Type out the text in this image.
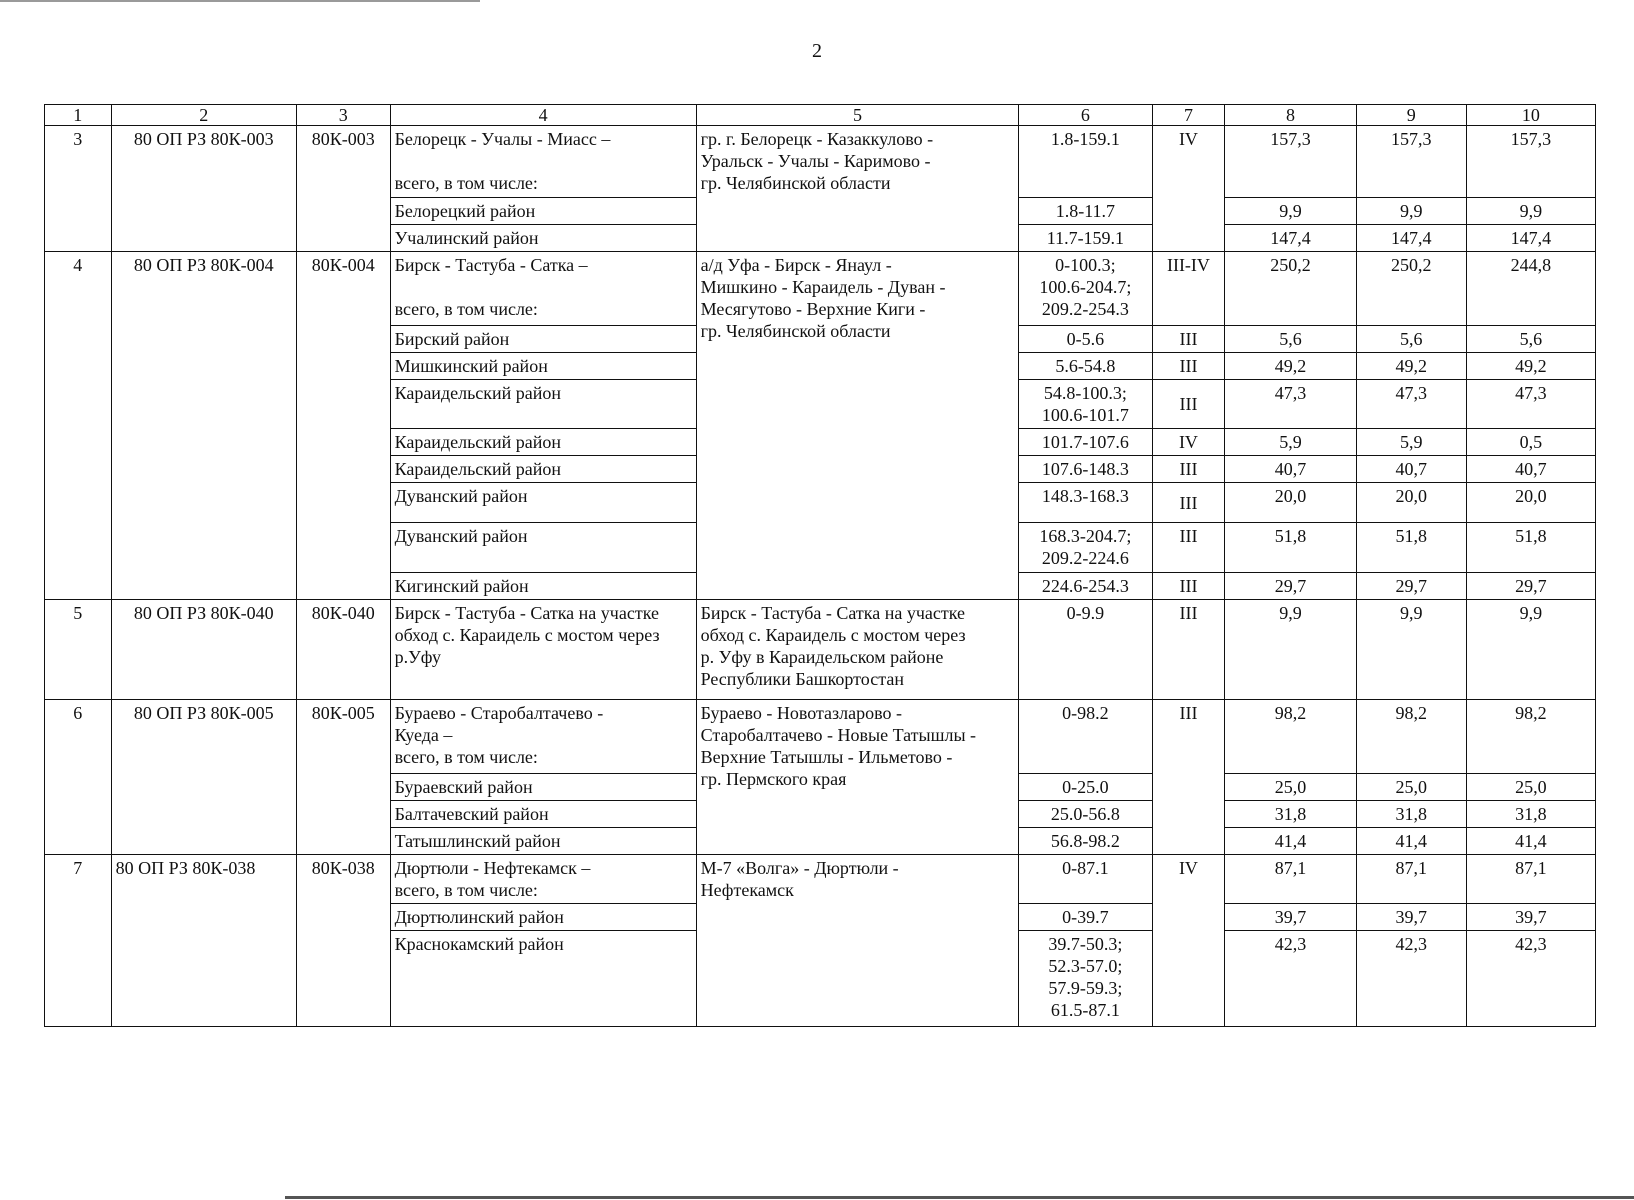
2
1	2	3	4	5	6	7	8	9	10
3	80 ОП РЗ 80К-003	80К-003	Белорецк - Учалы - Миасс –

всего, в том числе:	гр. г. Белорецк - Казаккулово -
Уральск - Учалы - Каримово -
гр. Челябинской области	1.8-159.1	IV	157,3	157,3	157,3
			Белорецкий район		1.8-11.7		9,9	9,9	9,9
			Учалинский район		11.7-159.1		147,4	147,4	147,4
4	80 ОП РЗ 80К-004	80К-004	Бирск - Тастуба - Сатка –

всего, в том числе:	а/д Уфа - Бирск - Янаул -
Мишкино - Караидель - Дуван -
Месягутово - Верхние Киги -
гр. Челябинской области	0-100.3;
100.6-204.7;
209.2-254.3	III-IV	250,2	250,2	244,8
			Бирский район		0-5.6	III	5,6	5,6	5,6
			Мишкинский район		5.6-54.8	III	49,2	49,2	49,2
			Караидельский район		54.8-100.3;
100.6-101.7	III	47,3	47,3	47,3
			Караидельский район		101.7-107.6	IV	5,9	5,9	0,5
			Караидельский район		107.6-148.3	III	40,7	40,7	40,7
			Дуванский район		148.3-168.3	III	20,0	20,0	20,0
			Дуванский район		168.3-204.7;
209.2-224.6	III	51,8	51,8	51,8
			Кигинский район		224.6-254.3	III	29,7	29,7	29,7
5	80 ОП РЗ 80К-040	80К-040	Бирск - Тастуба - Сатка на участке
обход с. Караидель с мостом через
р.Уфу	Бирск - Тастуба - Сатка на участке
обход с. Караидель с мостом через
р. Уфу в Караидельском районе
Республики Башкортостан	0-9.9	III	9,9	9,9	9,9
6	80 ОП РЗ 80К-005	80К-005	Бураево - Старобалтачево -
Куеда –
всего, в том числе:	Бураево - Новотазларово -
Старобалтачево - Новые Татышлы -
Верхние Татышлы - Ильметово -
гр. Пермского края	0-98.2	III	98,2	98,2	98,2
			Бураевский район		0-25.0		25,0	25,0	25,0
			Балтачевский район		25.0-56.8		31,8	31,8	31,8
			Татышлинский район		56.8-98.2		41,4	41,4	41,4
7	80 ОП РЗ 80К-038	80К-038	Дюртюли - Нефтекамск –
всего, в том числе:	М-7 «Волга» - Дюртюли -
Нефтекамск	0-87.1	IV	87,1	87,1	87,1
			Дюртюлинский район		0-39.7		39,7	39,7	39,7
			Краснокамский район		39.7-50.3;
52.3-57.0;
57.9-59.3;
61.5-87.1		42,3	42,3	42,3
